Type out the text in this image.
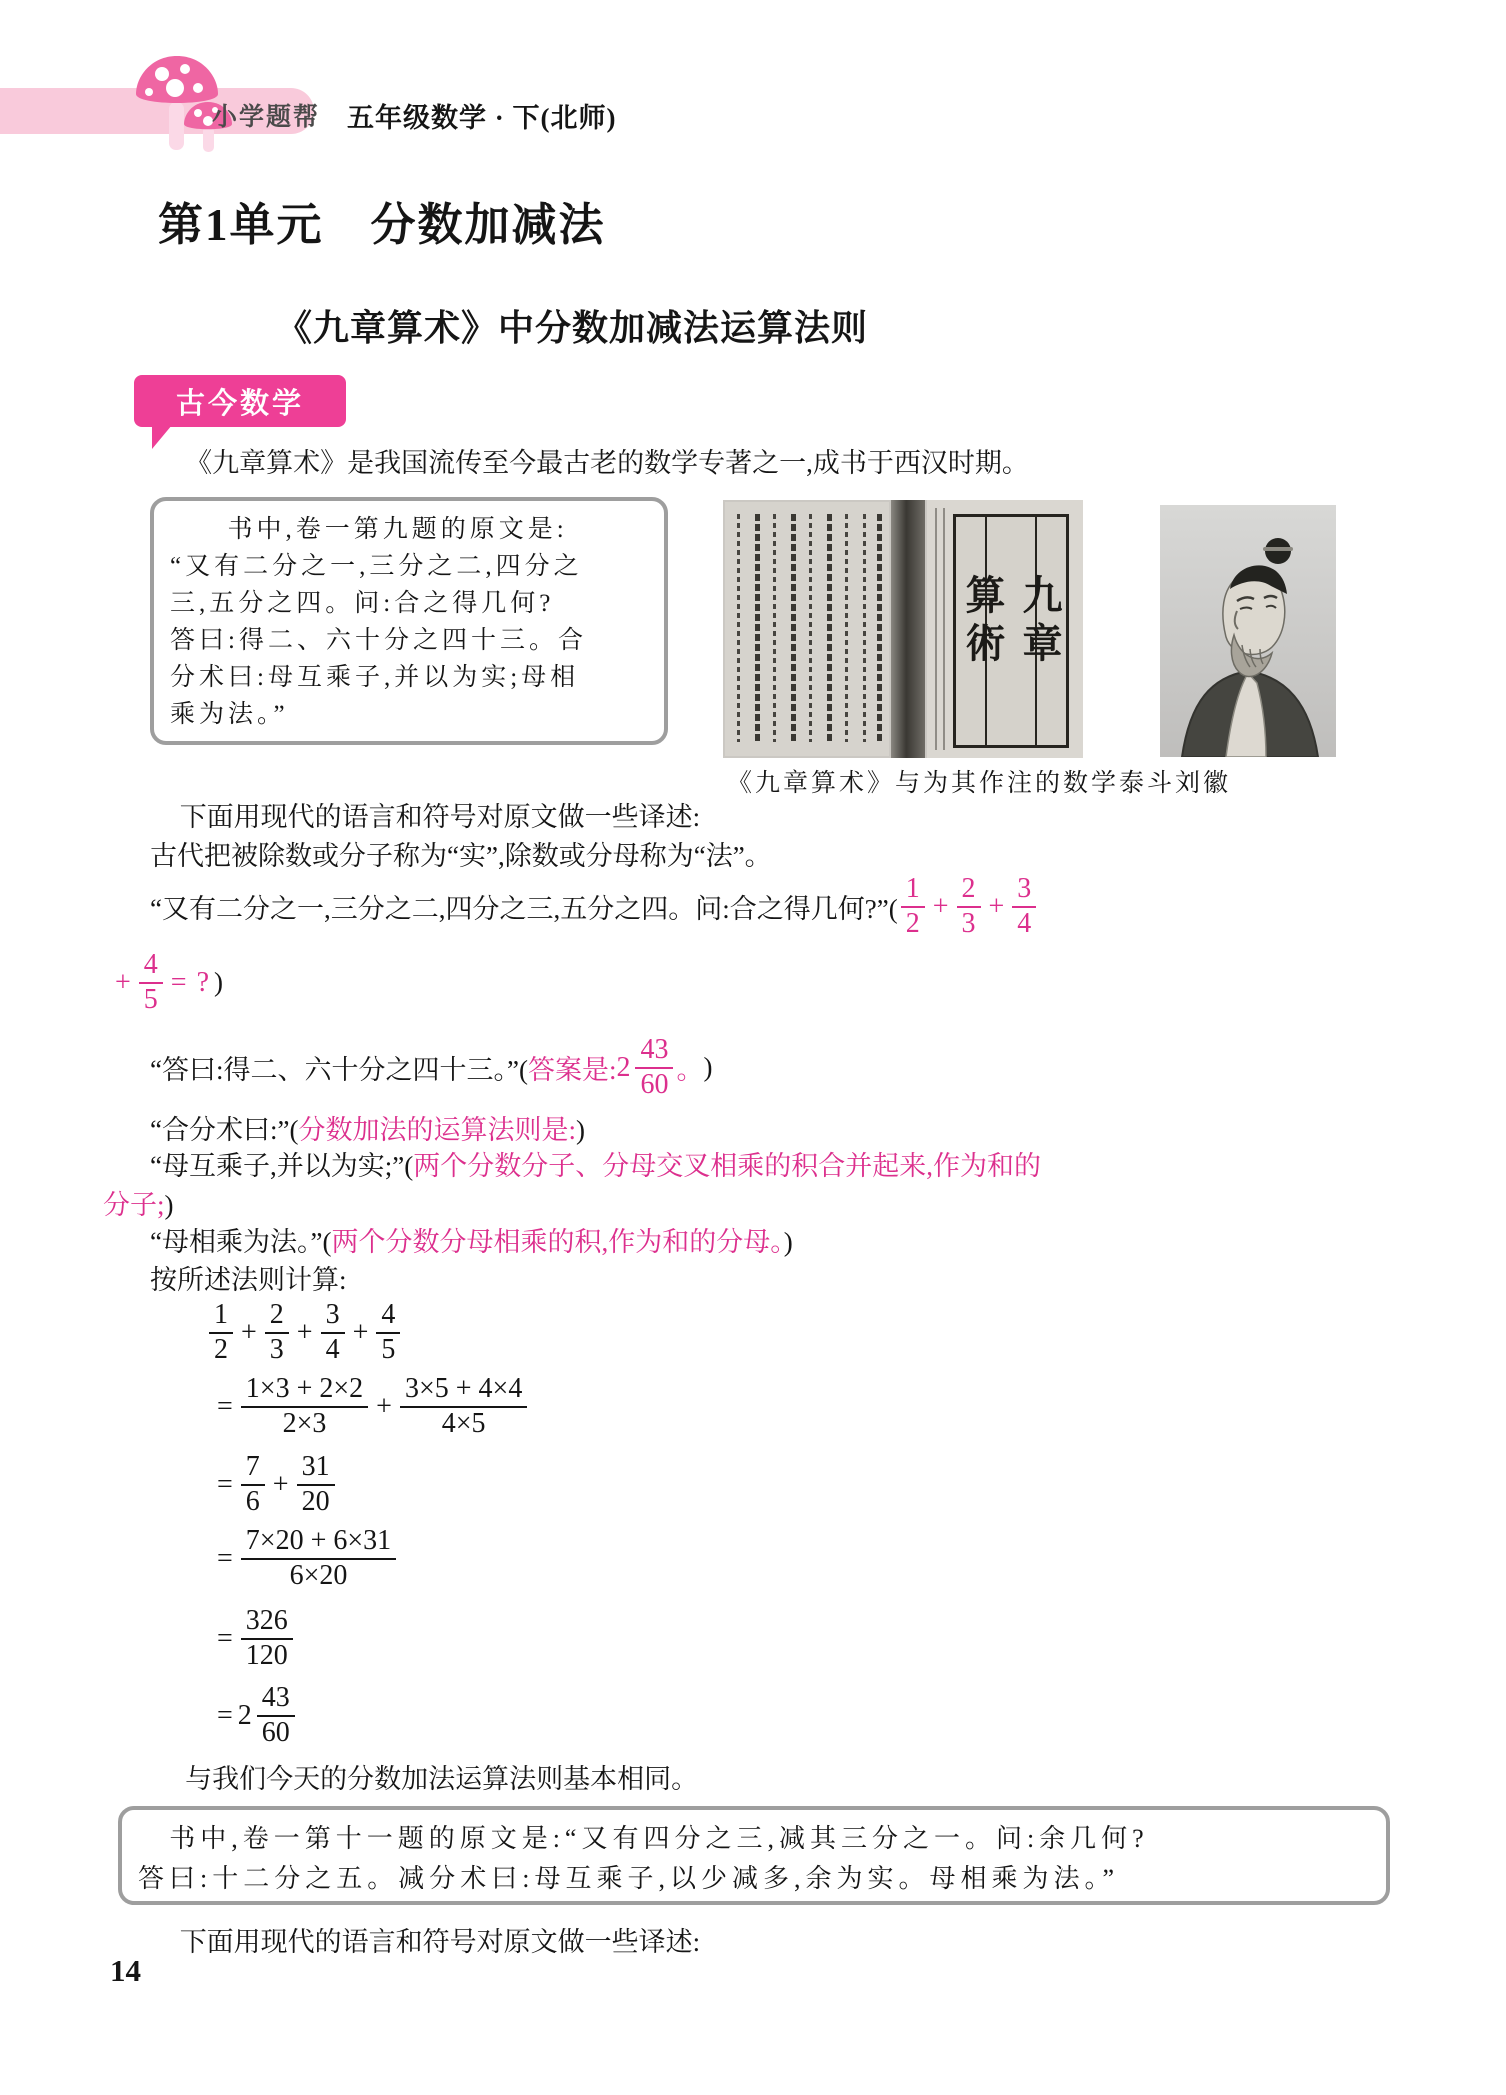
小学题帮 五年级数学 · 下(北师)
第1单元　分数加减法
《九章算术》中分数加减法运算法则
古今数学
《九章算术》是我国流传至今最古老的数学专著之一,成书于西汉时期。
书中,卷一第九题的原文是:
“又有二分之一,三分之二,四分之
三,五分之四。问:合之得几何?
答曰:得二、六十分之四十三。合
分术曰:母互乘子,并以为实;母相
乘为法。”
九章算術
《九章算术》与为其作注的数学泰斗刘徽
下面用现代的语言和符号对原文做一些译述:
古代把被除数或分子称为“实”,除数或分母称为“法”。
“又有二分之一,三分之二,四分之三,五分之四。问:合之得几何?”( $\frac{1}{2} + \frac{2}{3} + \frac{3}{4}$
+ $\frac{4}{5}$ = ? )
“答曰:得二、六十分之四十三。”( 答案是: $2 \frac{43}{60}$ 。 )
“合分术曰:”(分数加法的运算法则是:)
“母互乘子,并以为实;”(两个分数分子、分母交叉相乘的积合并起来,作为和的
分子;)
“母相乘为法。”(两个分数分母相乘的积,作为和的分母。)
按所述法则计算:
$\frac{1}{2} + \frac{2}{3} + \frac{3}{4} + \frac{4}{5}$
= $\frac{1\times 3 + 2\times 2}{2\times 3} + \frac{3\times 5 + 4\times 4}{4\times 5}$
= $\frac{7}{6} + \frac{31}{20}$
= $\frac{7\times 20 + 6\times 31}{6\times 20}$
= $\frac{326}{120}$
= $2 \frac{43}{60}$
与我们今天的分数加法运算法则基本相同。
书中,卷一第十一题的原文是:“又有四分之三,减其三分之一。问:余几何?
答曰:十二分之五。减分术曰:母互乘子,以少减多,余为实。母相乘为法。”
下面用现代的语言和符号对原文做一些译述:
14
